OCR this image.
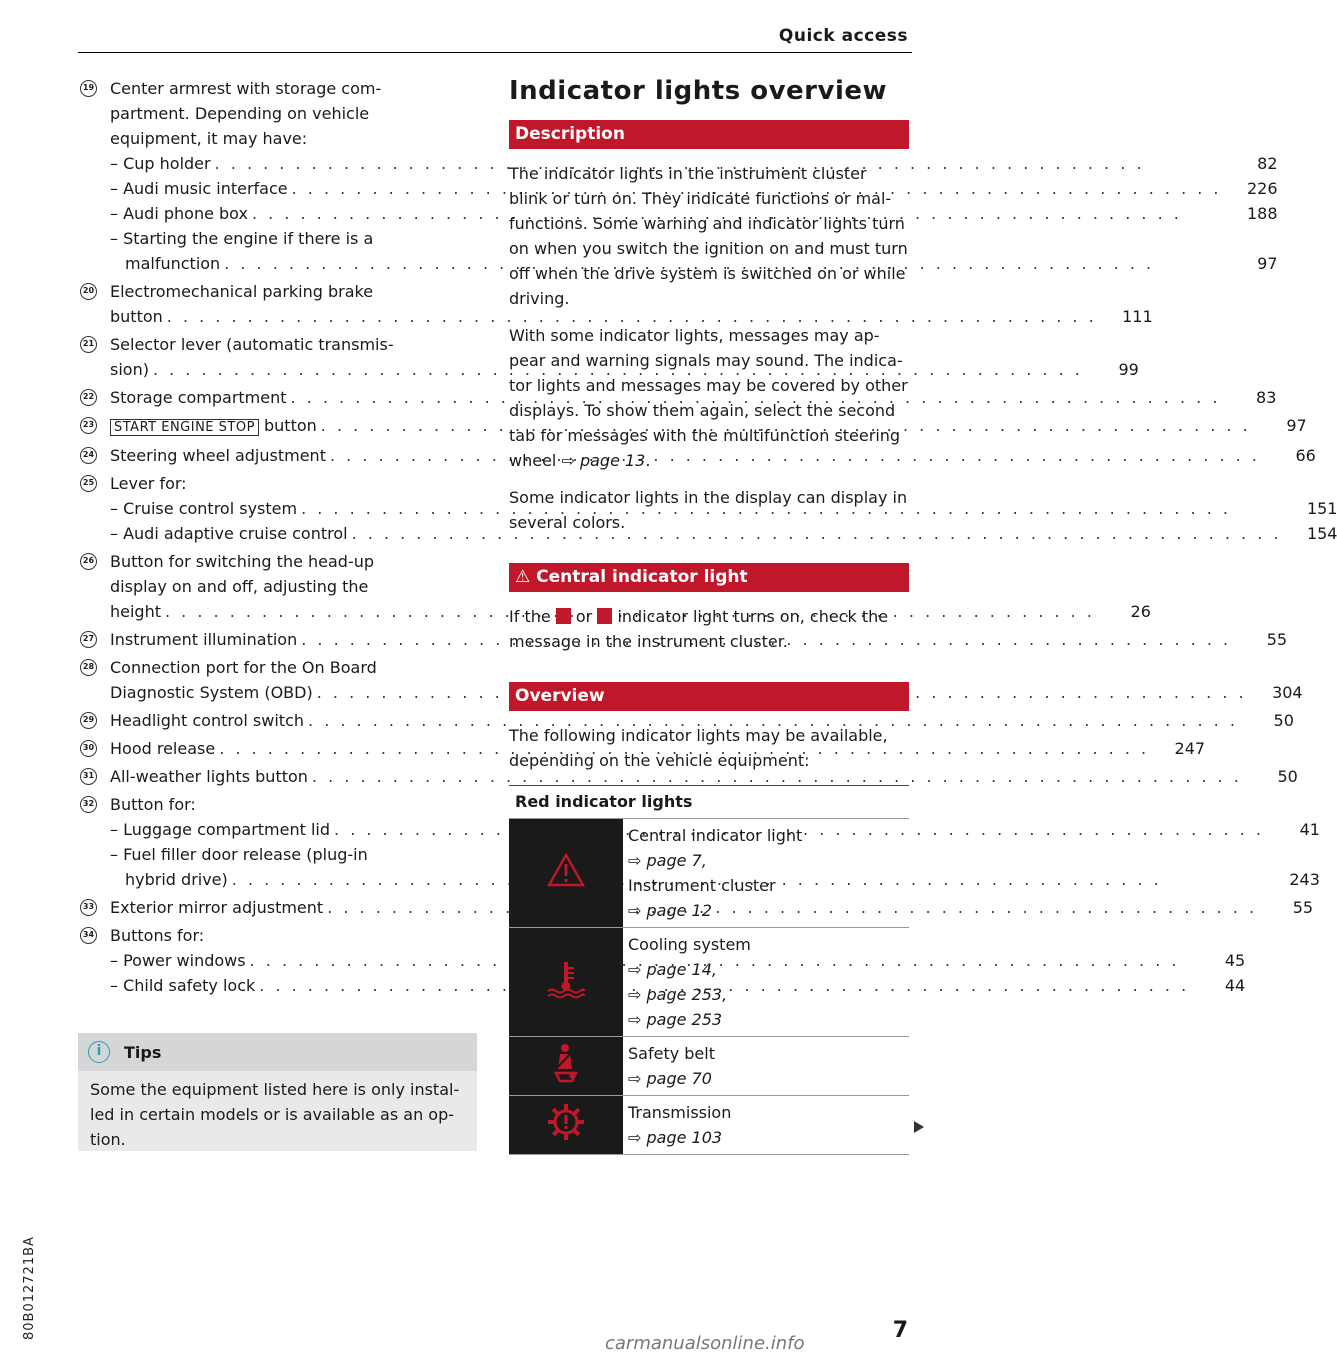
Quick access
19 Center armrest with storage com-
partment. Depending on vehicle
equipment, it may have:
– Cup holder . . .	82
– Audi music interface . . .	226
– Audi phone box . . .	188
– Starting the engine if there is a
malfunction . . .	97
20 Electromechanical parking brake
button . . .	111
21 Selector lever (automatic transmis-
sion) . . .	99
22 Storage compartment . . .	83
23	START ENGINE STOP button . . .	97
24 Steering wheel adjustment . . .	66
25 Lever for:
– Cruise control system . . .	151
– Audi adaptive cruise control . . .	154
26 Button for switching the head-up
display on and off, adjusting the
height . . .	26
27 Instrument illumination . . .	55
28 Connection port for the On Board
Diagnostic System (OBD) . . .	304
29 Headlight control switch . . .	50
30 Hood release . . .	247
31 All-weather lights button . . .	50
32 Button for:
– Luggage compartment lid . . .	41
– Fuel filler door release (plug-in
hybrid drive) . . .	243
33 Exterior mirror adjustment . . .	55
34 Buttons for:
– Power windows . . .	45
– Child safety lock . . .	44
i	Tips
Some the equipment listed here is only instal-led in certain models or is available as an op-tion.
Indicator lights overview
Description

The indicator lights in the instrument cluster blink or turn on. They indicate functions or mal-functions. Some warning and indicator lights turn on when you switch the ignition on and must turn off when the drive system is switched on or while driving.

With some indicator lights, messages may ap-pear and warning signals may sound. The indica-tor lights and messages may be covered by other displays. To show them again, select the second tab for messages with the multifunction steering wheel ⇨ page 13.

Some indicator lights in the display can display in several colors.

⚠ Central indicator light

If the or indicator light turns on, check the message in the instrument cluster.

Overview

The following indicator lights may be available, depending on the vehicle equipment:

Red indicator lights

Central indicator light
⇨ page 7,
Instrument cluster
⇨ page 12

Cooling system
⇨ page 14,
⇨ page 253,
⇨ page 253

Safety belt
⇨ page 70

Transmission
⇨ page 103
7
80B012721BA
carmanualsonline.info
